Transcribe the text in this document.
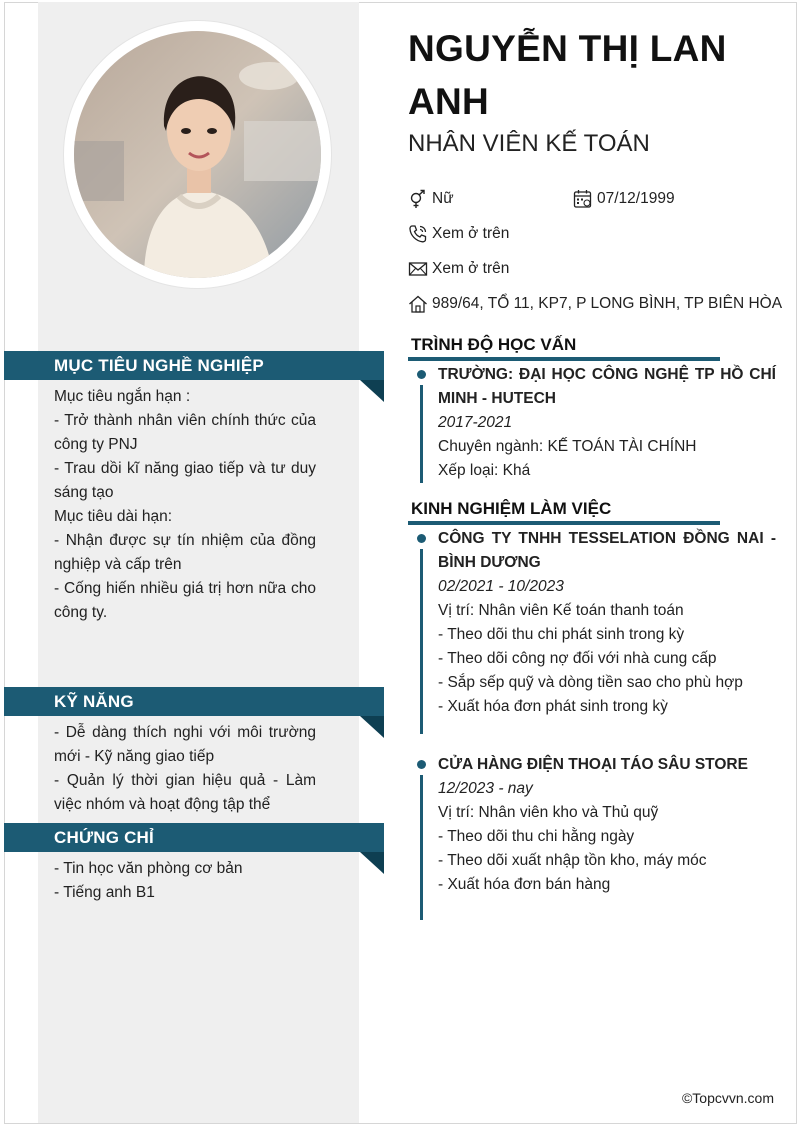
MỤC TIÊU NGHỀ NGHIỆP
Mục tiêu ngắn hạn :
- Trở thành nhân viên chính thức của công ty PNJ
- Trau dồi kĩ năng giao tiếp và tư duy sáng tạo
Mục tiêu dài hạn:
- Nhận được sự tín nhiệm của đồng nghiệp và cấp trên
- Cống hiến nhiều giá trị hơn nữa cho công ty.
KỸ NĂNG
- Dễ dàng thích nghi với môi trường mới - Kỹ năng giao tiếp
- Quản lý thời gian hiệu quả - Làm việc nhóm và hoạt động tập thể
CHỨNG CHỈ
- Tin học văn phòng cơ bản
- Tiếng anh B1
NGUYỄN THỊ LAN ANH
NHÂN VIÊN KẾ TOÁN
Nữ	07/12/1999
Xem ở trên
Xem ở trên
989/64, TỔ 11, KP7, P LONG BÌNH, TP BIÊN HÒA
TRÌNH ĐỘ HỌC VẤN
TRƯỜNG: ĐẠI HỌC CÔNG NGHỆ TP HỒ CHÍ MINH - HUTECH
2017-2021
Chuyên ngành: KẾ TOÁN TÀI CHÍNH
Xếp loại: Khá
KINH NGHIỆM LÀM VIỆC
CÔNG TY TNHH TESSELATION ĐỒNG NAI - BÌNH DƯƠNG
02/2021 - 10/2023
Vị trí: Nhân viên Kế toán thanh toán
- Theo dõi thu chi phát sinh trong kỳ
- Theo dõi công nợ đối với nhà cung cấp
- Sắp sếp quỹ và dòng tiền sao cho phù hợp
- Xuất hóa đơn phát sinh trong kỳ
CỬA HÀNG ĐIỆN THOẠI TÁO SÂU STORE
12/2023 - nay
Vị trí: Nhân viên kho và Thủ quỹ
- Theo dõi thu chi hằng ngày
- Theo dõi xuất nhập tồn kho, máy móc
- Xuất hóa đơn bán hàng
©Topcvvn.com
